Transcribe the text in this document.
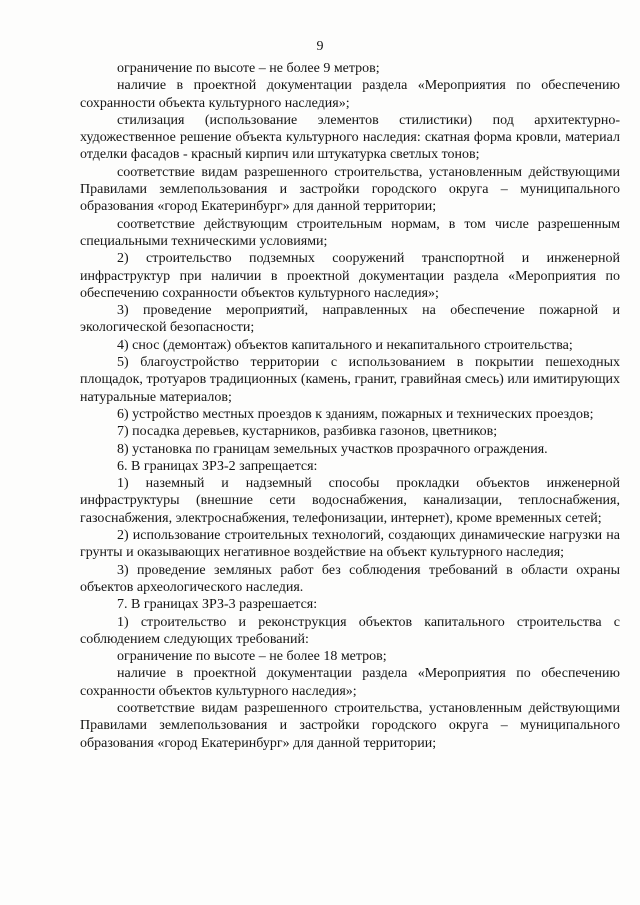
9

ограничение по высоте – не более 9 метров;

наличие в проектной документации раздела «Мероприятия по обеспечению сохранности объекта культурного наследия»;

стилизация (использование элементов стилистики) под архитектурно-художественное решение объекта культурного наследия: скатная форма кровли, материал отделки фасадов - красный кирпич или штукатурка светлых тонов;

соответствие видам разрешенного строительства, установленным действующими Правилами землепользования и застройки городского округа – муниципального образования «город Екатеринбург» для данной территории;

соответствие действующим строительным нормам, в том числе разрешенным специальными техническими условиями;

2) строительство подземных сооружений транспортной и инженерной инфраструктур при наличии в проектной документации раздела «Мероприятия по обеспечению сохранности объектов культурного наследия»;

3) проведение мероприятий, направленных на обеспечение пожарной и экологической безопасности;

4) снос (демонтаж) объектов капитального и некапитального строительства;

5) благоустройство территории с использованием в покрытии пешеходных площадок, тротуаров традиционных (камень, гранит, гравийная смесь) или имитирующих натуральные материалов;

6) устройство местных проездов к зданиям, пожарных и технических проездов;

7) посадка деревьев, кустарников, разбивка газонов, цветников;

8) установка по границам земельных участков прозрачного ограждения.

6. В границах ЗРЗ-2 запрещается:

1) наземный и надземный способы прокладки объектов инженерной инфраструктуры (внешние сети водоснабжения, канализации, теплоснабжения, газоснабжения, электроснабжения, телефонизации, интернет), кроме временных сетей;

2) использование строительных технологий, создающих динамические нагрузки на грунты и оказывающих негативное воздействие на объект культурного наследия;

3) проведение земляных работ без соблюдения требований в области охраны объектов археологического наследия.

7. В границах ЗРЗ-3 разрешается:

1) строительство и реконструкция объектов капитального строительства с соблюдением следующих требований:

ограничение по высоте – не более 18 метров;

наличие в проектной документации раздела «Мероприятия по обеспечению сохранности объектов культурного наследия»;

соответствие видам разрешенного строительства, установленным действующими Правилами землепользования и застройки городского округа – муниципального образования «город Екатеринбург» для данной территории;
